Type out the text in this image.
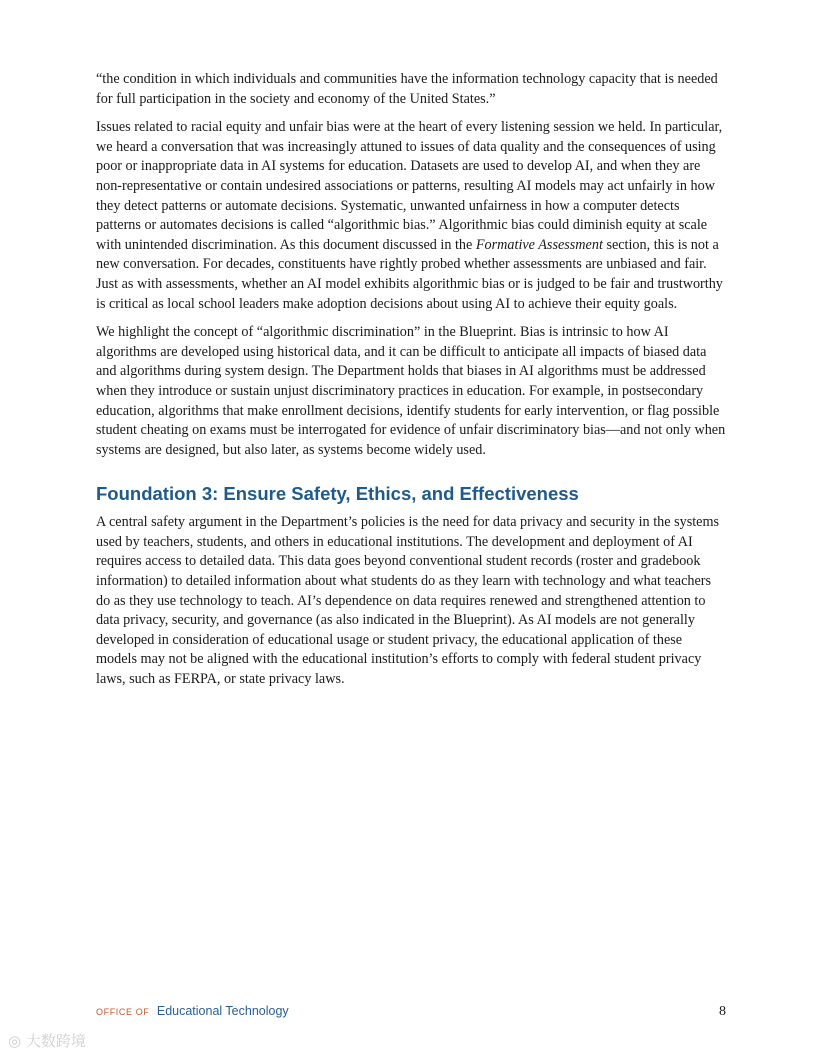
“the condition in which individuals and communities have the information technology capacity that is needed for full participation in the society and economy of the United States.”

Issues related to racial equity and unfair bias were at the heart of every listening session we held. In particular, we heard a conversation that was increasingly attuned to issues of data quality and the consequences of using poor or inappropriate data in AI systems for education. Datasets are used to develop AI, and when they are non-representative or contain undesired associations or patterns, resulting AI models may act unfairly in how they detect patterns or automate decisions. Systematic, unwanted unfairness in how a computer detects patterns or automates decisions is called “algorithmic bias.” Algorithmic bias could diminish equity at scale with unintended discrimination. As this document discussed in the Formative Assessment section, this is not a new conversation. For decades, constituents have rightly probed whether assessments are unbiased and fair. Just as with assessments, whether an AI model exhibits algorithmic bias or is judged to be fair and trustworthy is critical as local school leaders make adoption decisions about using AI to achieve their equity goals.

We highlight the concept of “algorithmic discrimination” in the Blueprint. Bias is intrinsic to how AI algorithms are developed using historical data, and it can be difficult to anticipate all impacts of biased data and algorithms during system design. The Department holds that biases in AI algorithms must be addressed when they introduce or sustain unjust discriminatory practices in education. For example, in postsecondary education, algorithms that make enrollment decisions, identify students for early intervention, or flag possible student cheating on exams must be interrogated for evidence of unfair discriminatory bias—and not only when systems are designed, but also later, as systems become widely used.

Foundation 3: Ensure Safety, Ethics, and Effectiveness

A central safety argument in the Department’s policies is the need for data privacy and security in the systems used by teachers, students, and others in educational institutions. The development and deployment of AI requires access to detailed data. This data goes beyond conventional student records (roster and gradebook information) to detailed information about what students do as they learn with technology and what teachers do as they use technology to teach. AI’s dependence on data requires renewed and strengthened attention to data privacy, security, and governance (as also indicated in the Blueprint). As AI models are not generally developed in consideration of educational usage or student privacy, the educational application of these models may not be aligned with the educational institution’s efforts to comply with federal student privacy laws, such as FERPA, or state privacy laws.

OFFICE OF Educational Technology	8
◎ 大数跨境
